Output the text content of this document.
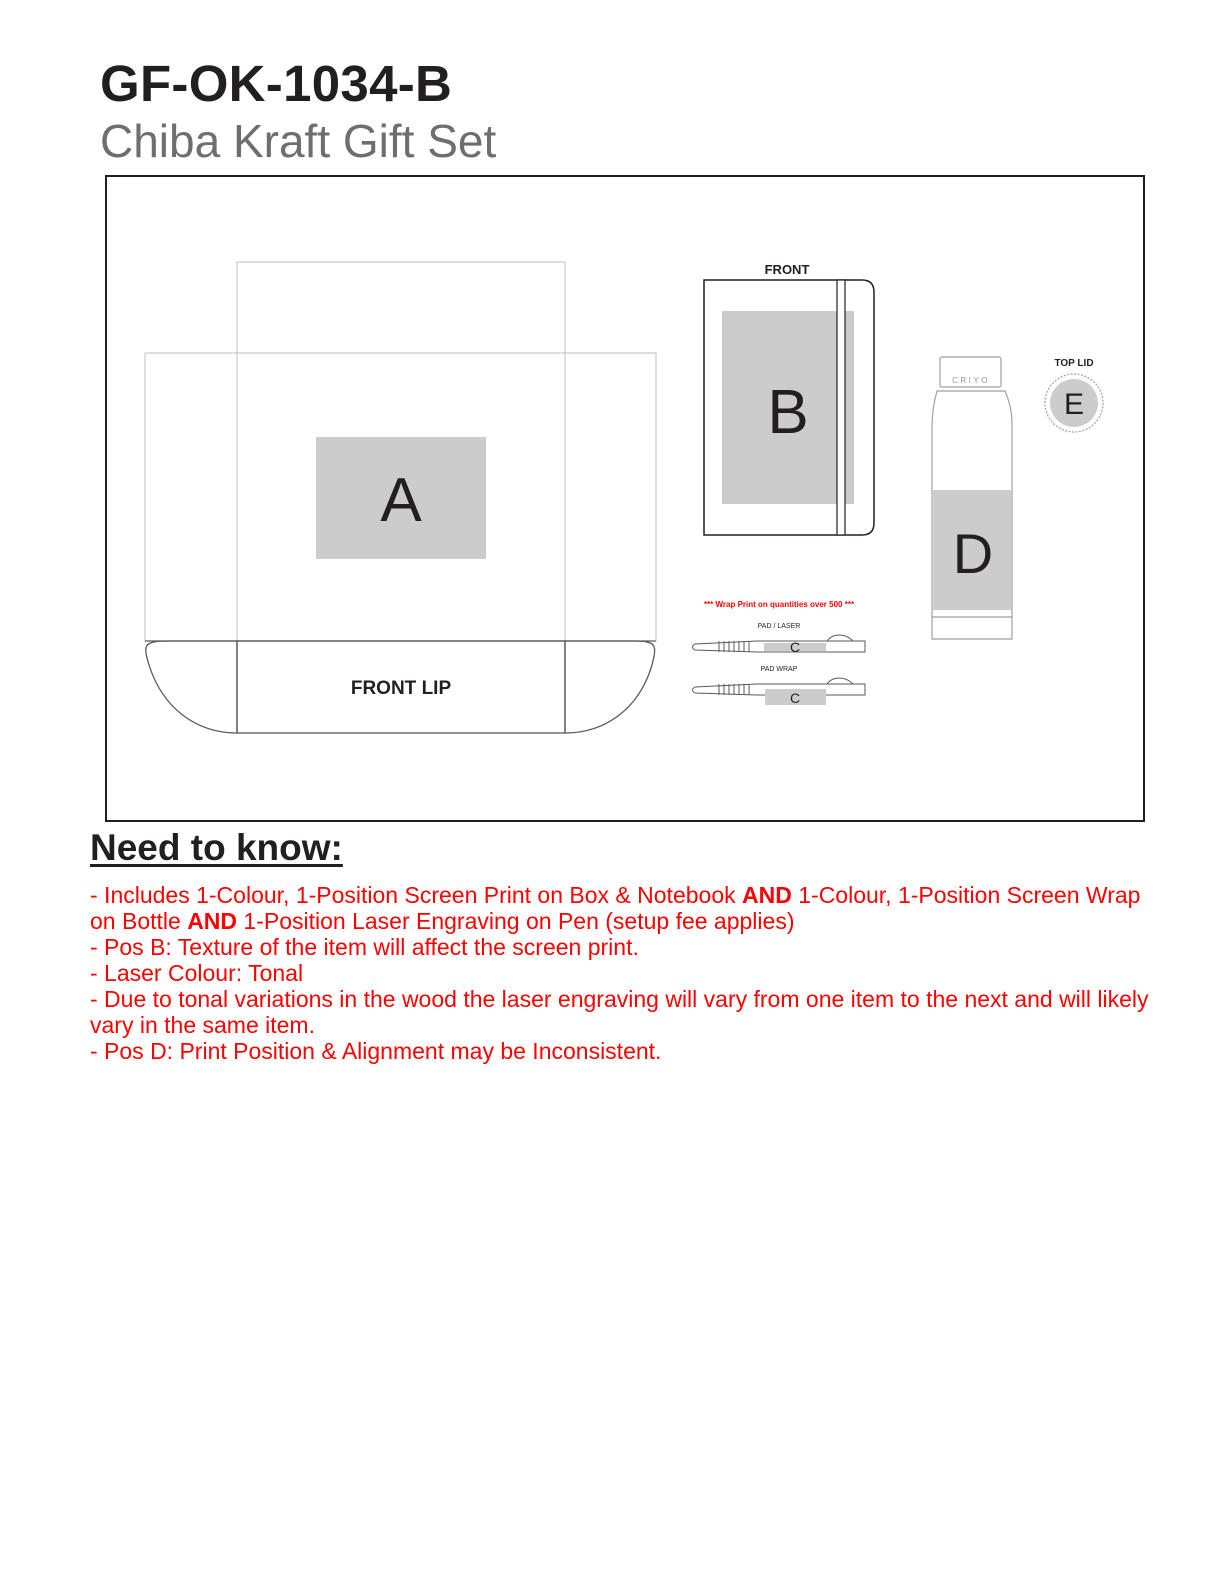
GF-OK-1034-B
Chiba Kraft Gift Set
A
FRONT LIP
FRONT
B	CRIYO
D
TOP LID
E
*** Wrap Print on quantities over 500 ***
PAD / LASER
C
PAD WRAP
C
Need to know:
- Includes 1-Colour, 1-Position Screen Print on Box & Notebook AND 1-Colour, 1-Position Screen Wrap on Bottle AND 1-Position Laser Engraving on Pen (setup fee applies)
- Pos B: Texture of the item will affect the screen print.
- Laser Colour: Tonal
- Due to tonal variations in the wood the laser engraving will vary from one item to the next and will likely vary in the same item.
- Pos D: Print Position & Alignment may be Inconsistent.
